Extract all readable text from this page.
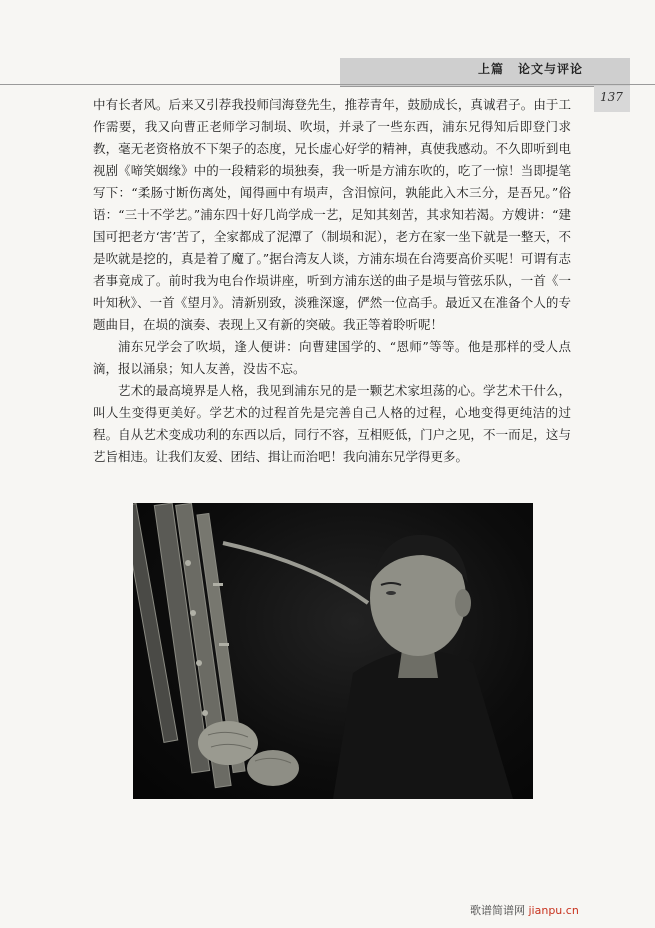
上篇 论文与评论
137

中有长者风。后来又引荐我投师闫海登先生，推荐青年，鼓励成长，真诚君子。由于工作需要，我又向曹正老师学习制埙、吹埙，并录了一些东西，浦东兄得知后即登门求教，毫无老资格放不下架子的态度，兄长虚心好学的精神，真使我感动。不久即听到电视剧《啼笑姻缘》中的一段精彩的埙独奏，我一听是方浦东吹的，吃了一惊！当即提笔写下：“柔肠寸断伤离处，闻得画中有埙声，含泪惊问，孰能此入木三分，是吾兄。”俗语：“三十不学艺。”浦东四十好几尚学成一艺，足知其刻苦，其求知若渴。方嫂讲：“建国可把老方‘害’苦了，全家都成了泥潭了（制埙和泥），老方在家一坐下就是一整天，不是吹就是挖的，真是着了魔了。”据台湾友人谈，方浦东埙在台湾要高价买呢！可谓有志者事竟成了。前时我为电台作埙讲座，听到方浦东送的曲子是埙与管弦乐队，一首《一叶知秋》、一首《望月》。清新别致，淡雅深邃，俨然一位高手。最近又在准备个人的专题曲目，在埙的演奏、表现上又有新的突破。我正等着聆听呢！

浦东兄学会了吹埙，逢人便讲：向曹建国学的、“恩师”等等。他是那样的受人点滴，报以涌泉；知人友善，没齿不忘。

艺术的最高境界是人格，我见到浦东兄的是一颗艺术家坦荡的心。学艺术干什么，叫人生变得更美好。学艺术的过程首先是完善自己人格的过程，心地变得更纯洁的过程。自从艺术变成功利的东西以后，同行不容，互相贬低，门户之见，不一而足，这与艺旨相违。让我们友爱、团结、揖让而治吧！我向浦东兄学得更多。

歌谱简谱网 jianpu.cn
